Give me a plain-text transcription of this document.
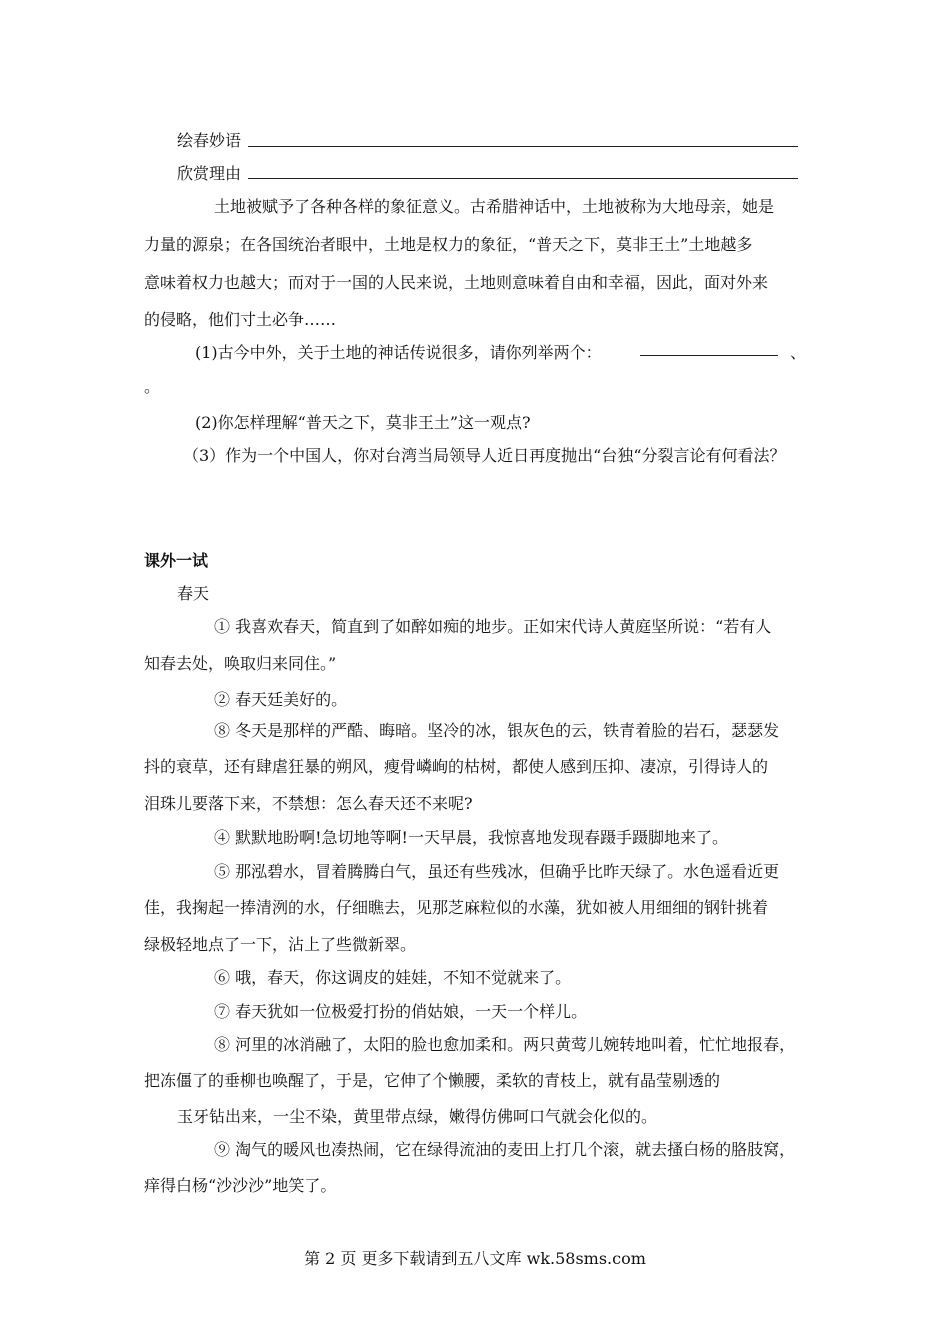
绘春妙语
欣赏理由
土地被赋予了各种各样的象征意义。古希腊神话中，土地被称为大地母亲，她是
力量的源泉；在各国统治者眼中，土地是权力的象征，“普天之下，莫非王土”土地越多
意味着权力也越大；而对于一国的人民来说，土地则意味着自由和幸福，因此，面对外来
的侵略，他们寸土必争……
(1)古今中外，关于土地的神话传说很多，请你列举两个：	、
。
(2)你怎样理解“普天之下，莫非王土”这一观点?
（3）作为一个中国人，你对台湾当局领导人近日再度抛出“台独“分裂言论有何看法？
课外一试
春天
① 我喜欢春天，简直到了如醉如痴的地步。正如宋代诗人黄庭坚所说：“若有人
知春去处，唤取归来同住。”
② 春天廷美好的。
⑧ 冬天是那样的严酷、晦暗。坚冷的冰，银灰色的云，铁青着脸的岩石，瑟瑟发
抖的衰草，还有肆虐狂暴的朔风，瘦骨嶙峋的枯树，都使人感到压抑、凄凉，引得诗人的
泪珠儿要落下来，不禁想：怎么春天还不来呢?
④ 默默地盼啊!急切地等啊!一天早晨，我惊喜地发现春蹑手蹑脚地来了。
⑤ 那泓碧水，冒着腾腾白气，虽还有些残冰，但确乎比昨天绿了。水色遥看近更
佳，我掬起一捧清洌的水，仔细瞧去，见那芝麻粒似的水藻，犹如被人用细细的钢针挑着
绿极轻地点了一下，沾上了些微新翠。
⑥ 哦，春天，你这调皮的娃娃，不知不觉就来了。
⑦ 春天犹如一位极爱打扮的俏姑娘，一天一个样儿。
⑧ 河里的冰消融了，太阳的脸也愈加柔和。两只黄莺儿婉转地叫着，忙忙地报春，
把冻僵了的垂柳也唤醒了，于是，它伸了个懒腰，柔软的青枝上，就有晶莹剔透的
玉牙钻出来，一尘不染，黄里带点绿，嫩得仿佛呵口气就会化似的。
⑨ 淘气的暖风也凑热闹，它在绿得流油的麦田上打几个滚，就去搔白杨的胳肢窝，
痒得白杨“沙沙沙”地笑了。
第 2 页 更多下载请到五八文库 wk.58sms.com
